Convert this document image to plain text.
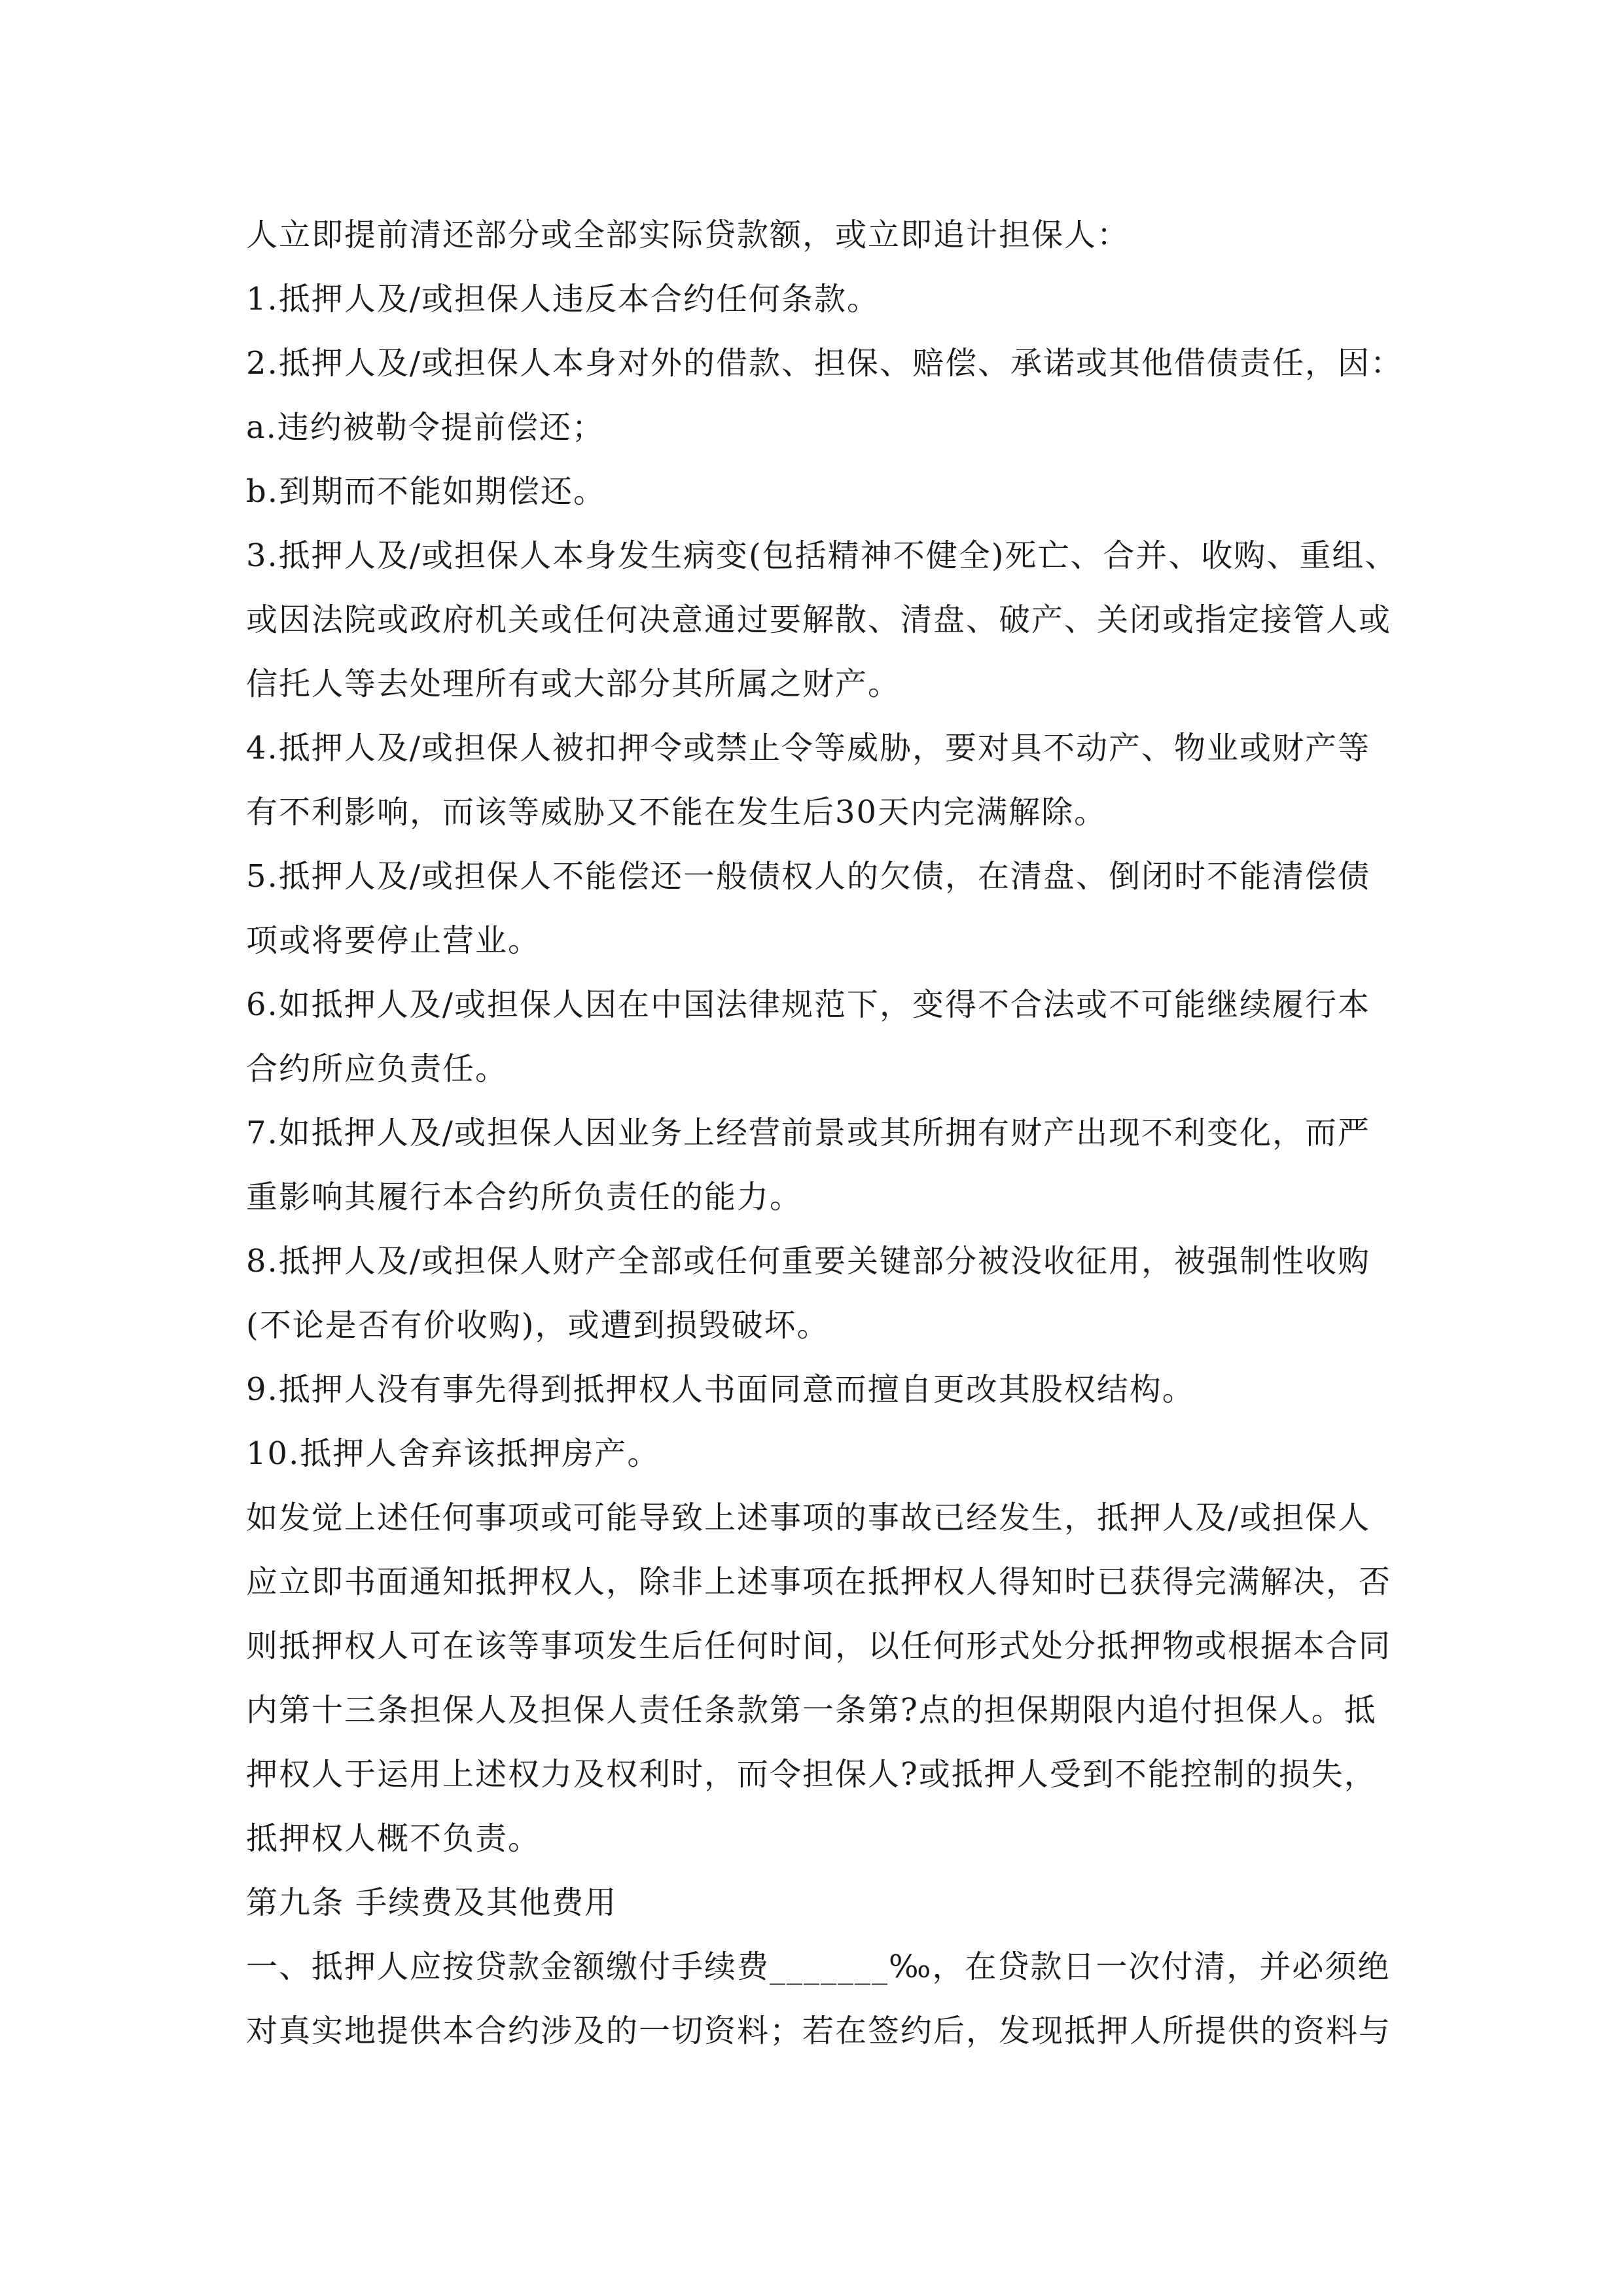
人立即提前清还部分或全部实际贷款额，或立即追计担保人：
1.抵押人及/或担保人违反本合约任何条款。
2.抵押人及/或担保人本身对外的借款、担保、赔偿、承诺或其他借债责任，因：
a.违约被勒令提前偿还；
b.到期而不能如期偿还。
3.抵押人及/或担保人本身发生病变(包括精神不健全)死亡、合并、收购、重组、
或因法院或政府机关或任何决意通过要解散、清盘、破产、关闭或指定接管人或
信托人等去处理所有或大部分其所属之财产。
4.抵押人及/或担保人被扣押令或禁止令等威胁，要对具不动产、物业或财产等
有不利影响，而该等威胁又不能在发生后30天内完满解除。
5.抵押人及/或担保人不能偿还一般债权人的欠债，在清盘、倒闭时不能清偿债
项或将要停止营业。
6.如抵押人及/或担保人因在中国法律规范下，变得不合法或不可能继续履行本
合约所应负责任。
7.如抵押人及/或担保人因业务上经营前景或其所拥有财产出现不利变化，而严
重影响其履行本合约所负责任的能力。
8.抵押人及/或担保人财产全部或任何重要关键部分被没收征用，被强制性收购
(不论是否有价收购)，或遭到损毁破坏。
9.抵押人没有事先得到抵押权人书面同意而擅自更改其股权结构。
10.抵押人舍弃该抵押房产。
如发觉上述任何事项或可能导致上述事项的事故已经发生，抵押人及/或担保人
应立即书面通知抵押权人，除非上述事项在抵押权人得知时已获得完满解决，否
则抵押权人可在该等事项发生后任何时间，以任何形式处分抵押物或根据本合同
内第十三条担保人及担保人责任条款第一条第?点的担保期限内追付担保人。抵
押权人于运用上述权力及权利时，而令担保人?或抵押人受到不能控制的损失，
抵押权人概不负责。
第九条 手续费及其他费用
一、抵押人应按贷款金额缴付手续费_______‰，在贷款日一次付清，并必须绝
对真实地提供本合约涉及的一切资料；若在签约后，发现抵押人所提供的资料与
